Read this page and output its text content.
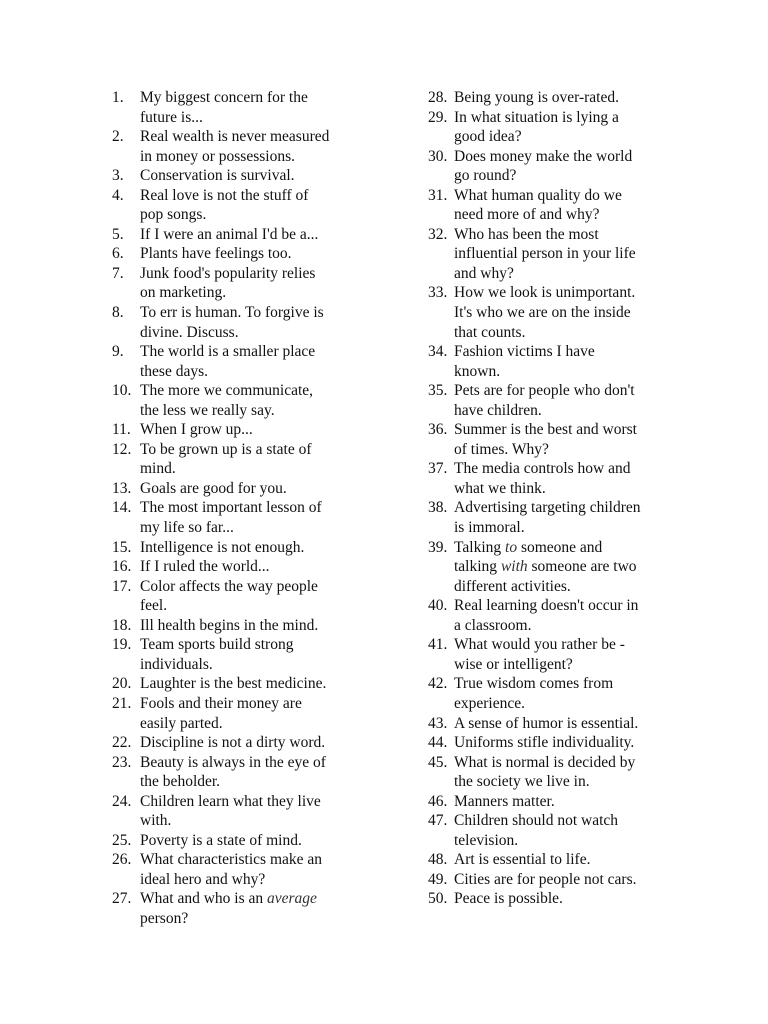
1.	My biggest concern for the
future is...
2.	Real wealth is never measured
in money or possessions.
3.	Conservation is survival.
4.	Real love is not the stuff of
pop songs.
5.	If I were an animal I'd be a...
6.	Plants have feelings too.
7.	Junk food's popularity relies
on marketing.
8.	To err is human. To forgive is
divine. Discuss.
9.	The world is a smaller place
these days.
10. The more we communicate,
the less we really say.
11. When I grow up...
12. To be grown up is a state of
mind.
13. Goals are good for you.
14. The most important lesson of
my life so far...
15. Intelligence is not enough.
16. If I ruled the world...
17. Color affects the way people
feel.
18. Ill health begins in the mind.
19. Team sports build strong
individuals.
20. Laughter is the best medicine.
21. Fools and their money are
easily parted.
22. Discipline is not a dirty word.
23. Beauty is always in the eye of
the beholder.
24. Children learn what they live
with.
25. Poverty is a state of mind.
26. What characteristics make an
ideal hero and why?
27. What and who is an average
person?
28. Being young is over-rated.
29. In what situation is lying a
good idea?
30. Does money make the world
go round?
31. What human quality do we
need more of and why?
32. Who has been the most
influential person in your life
and why?
33. How we look is unimportant.
It's who we are on the inside
that counts.
34. Fashion victims I have
known.
35. Pets are for people who don't
have children.
36. Summer is the best and worst
of times. Why?
37. The media controls how and
what we think.
38. Advertising targeting children
is immoral.
39. Talking to someone and
talking with someone are two
different activities.
40. Real learning doesn't occur in
a classroom.
41. What would you rather be -
wise or intelligent?
42. True wisdom comes from
experience.
43. A sense of humor is essential.
44. Uniforms stifle individuality.
45. What is normal is decided by
the society we live in.
46. Manners matter.
47. Children should not watch
television.
48. Art is essential to life.
49. Cities are for people not cars.
50. Peace is possible.
